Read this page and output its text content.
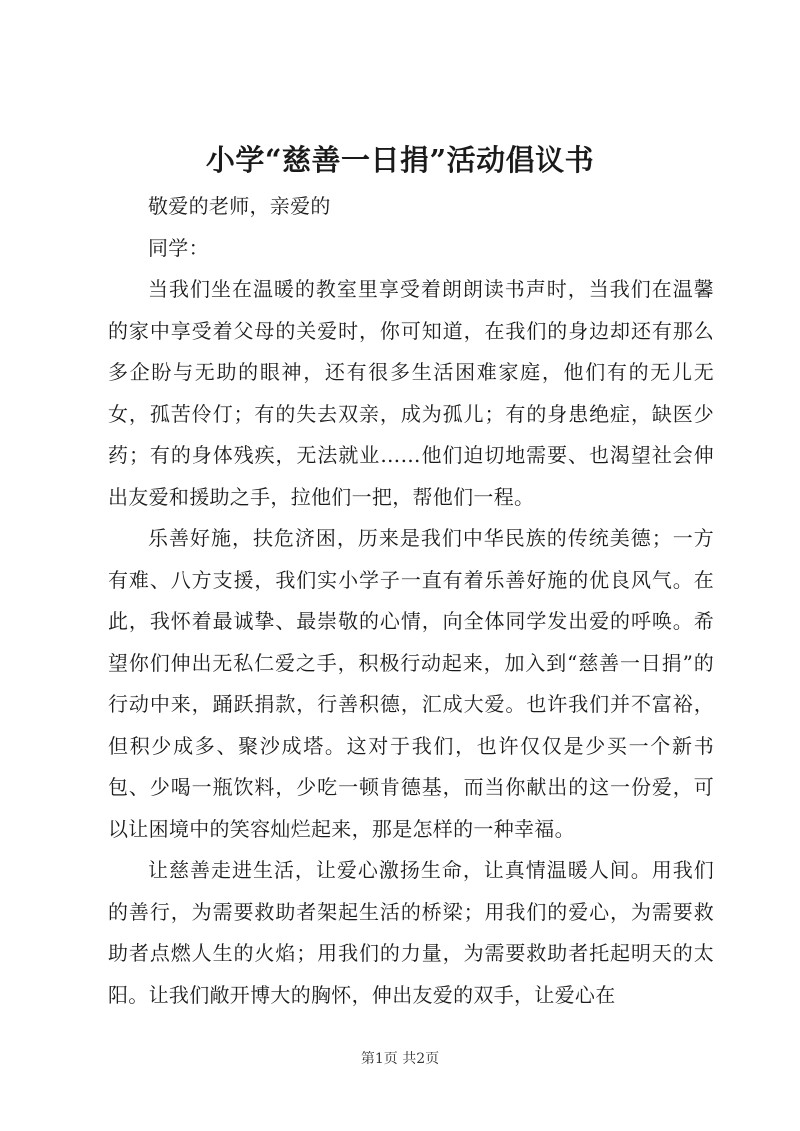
小学“慈善一日捐”活动倡议书

敬爱的老师，亲爱的

同学：

当我们坐在温暖的教室里享受着朗朗读书声时，当我们在温馨的家中享受着父母的关爱时，你可知道，在我们的身边却还有那么多企盼与无助的眼神，还有很多生活困难家庭，他们有的无儿无女，孤苦伶仃；有的失去双亲，成为孤儿；有的身患绝症，缺医少药；有的身体残疾，无法就业……他们迫切地需要、也渴望社会伸出友爱和援助之手，拉他们一把，帮他们一程。

乐善好施，扶危济困，历来是我们中华民族的传统美德；一方有难、八方支援，我们实小学子一直有着乐善好施的优良风气。在此，我怀着最诚挚、最崇敬的心情，向全体同学发出爱的呼唤。希望你们伸出无私仁爱之手，积极行动起来，加入到“慈善一日捐”的行动中来，踊跃捐款，行善积德，汇成大爱。也许我们并不富裕，但积少成多、聚沙成塔。这对于我们，也许仅仅是少买一个新书包、少喝一瓶饮料，少吃一顿肯德基，而当你献出的这一份爱，可以让困境中的笑容灿烂起来，那是怎样的一种幸福。

让慈善走进生活，让爱心激扬生命，让真情温暖人间。用我们的善行，为需要救助者架起生活的桥梁；用我们的爱心，为需要救助者点燃人生的火焰；用我们的力量，为需要救助者托起明天的太阳。让我们敞开博大的胸怀，伸出友爱的双手，让爱心在

第1页 共2页
